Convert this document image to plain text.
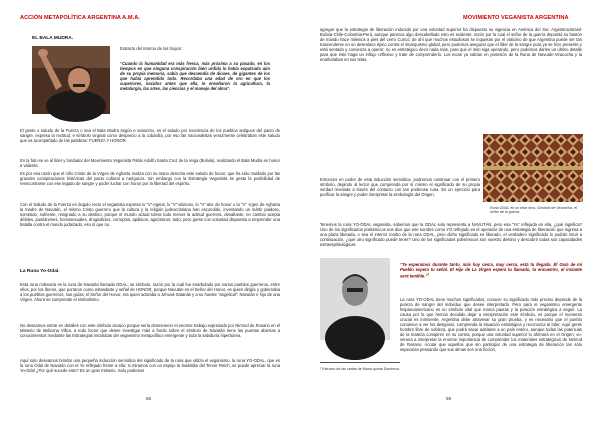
ACCIÓN METAPOLÍTICA ARGENTINA A.M.A.
EL BALA MUDRA.

Extracto del retorno de los brujos:

“Cuando la humanidad era más fresca, más próxima a su pasado, en los tiempos en que ninguna conspiración bien urdida lo había expulsado aún de su propia memoria, sabía que descendía de dioses, de gigantes de los que había aprendido todo. Recordaba una edad de oro en que los superiores, nacidos antes que ella, le enseñaron la agricultura, la metalurgia, las artes, las ciencias y el manejo del alma”.

El gesto o saludo de la Fuerza o sea el Bala Mudra según e sanscrito, es el saludo por excelencia de los pueblos antiguos del pacto de sangre, expresa la rectitud, e símbolo virginal como desprecio a la cobardía, por eso las nacionalistas verazmente celebraban este saludo que va acompañado de las palabras: FUERZA Y HONOR.

En la foto se ve al líder y fundador del Movimiento Veganista Pablo Adolfo Santa Cruz de la Vega (Bolivia), realizando el Bala Mudra en honor a valiente.

Es por esa razón que el niño Cristo de la Virgen de Agharta realiza con su mano derecha este saludo de honor, que ha sido mutilado por las grandes conspiraciones históricas del pacto cultural a narígucos. Sin embargo con la Estrategia Veganista se gesta la posibilidad de reencontrarse con ese legado de sangre y poder luchar con honor por la libertad del espíritu.

Con el Saludo de la Fuerza en ángulo recto el veganista expresa lo “V”-irginal, lo “V”-alorioso, lo “V”-alor de honor o la “V” -irgen de Agharta la madre de Navután, el mismo Cristo guerrero que la cultura y la religión judeocristiana han escondido, inventando un mártir piadoso, sometido, sufriente, resignado a su destino, porque el mundo actual tolera todo menos la actitud guerrera, desafiante, en cambio acepta débiles, pusilánimes, homosexuales, drogadictos, corruptos, apáticos, agnósticos, todo; pero gente con voluntad dispuesta a emprender una batalla contra el mundo judaizado, eso sí que no.

La Runa Yo-Odal.

Esta runa milenaria es la runa de Navután llamada ODAL, su símbolo, razón por la cual fue enarbolado por varios pueblos guerreros, entre ellos, por los íberos, que portaron como estandarte y señal de HONOR, porque Navután es el Señor del Honor, es quien dirigía y gobernaba a los pueblos guerreros, sus guías, el Señor del Honor, era quien adoraba a Jehová-Satanás y a su hueste “angelical”; Navután e hijo de una Virgen. Ahora se comprende el simbolismo.

No deseamos entrar en detalles con este símbolo arcaico porque sería desmerecer el enorme trabajo expresado por Nimrod de Rosario en el Misterio de Belicena Villca, a todo lector que desee investigar más a fondo sobre el símbolo de Navután tiene las puertas abiertas a conocimientos mediante las Estrategias iniciáticas del veganismo metapolítico emergente y toda la sabiduría hiperbórea.

Aquí solo deseamos brindar una pequeña inducción semiótica del significado de la runa que utiliza el veganismo, la runa YO-ODAL, que es la runa Odal de Navután con el Yo reflejado frente a ella; si miramos con un espejo la Swástika del Tercer Reich, se puede apreciar la runa Yo-Odal ¿Por qué sucede esto? Es un gran misterio. Solo podemos

58
MOVIMIENTO VEGANISTA ARGENTINA

agregar que la estrategia de liberación inducida por una voluntad superior ha dispuesto su vigencia en América del Sur, Argentina-Brasil-Bolivia-Chile-Colombia-Perú, aunque parezca algo descabellado esto es evidente, razón por la cual el señor de la guerra depositó su bastón de mando hace milenios a pies del cerro Curicó; de ahí que muchos estudiosos se inquietan por el vaticinio de que Argentina puede ser tan trascendente en un desenlace épico contra el sinarquismo global, pero podemos asegurar que el líder de la sangre pura ya se hizo presente y está sentado y comienza a operar; no es estratégico decir nada más, para que el mito siga operando, pero podemos darles un último detalle para que éste haga un influjo reflexivo y trate de comprenderlo. Los incas ya sabían en posesión de la Runa de Navután-Viracocha y la enarbolaban en sus telas.

Runa ODAL en un telar Inca. Símbolo de Viracocha, el señor de la guerra.

Entonces en poder de esta inducción semiótica, podremos continuar con el primero símbolo, dejando al lector que comprenda por sí mismo el significado de su propia verdad revelada a través del contacto con tan poderosa runa. Es un ejercicio para purificar la sangre y poder interpretar la simbología del Origen.

Tenemos la runa YO-ODAL veganista, sabemos que la ODAL solo representa a NAVUTÁN, pero esa “Yo” reflejada en ella, ¿qué significa? Uno de los significados polisémicos nos dice que ese nombre como YO reflejado es el operador de una estrategia de liberación que ingresa a una plaza liberada, o sea el interior rombo de la runa ODAL, pero dicho significado es liberado, el verdadero significado lo podrán intuir a continuación, ¿qué otro significado puede tener? Uno de los significados polisémicos son vuestro destino y descubrir todas sus capacidades extraespiritológicas.

“Te esperamos durante tanto, más hoy cerca, muy cerca, está tu llegada. El Guía de mi Pueblo espera tu señal. El Hijo de La Virgen espera tu llamado, tu encuentro, el instante será temible.”$^1$

La runa YO-ODAL tiene muchos significados, conocer su significado más preciso depende de la pureza de sangre del individuo que desee interpretarla. Pero para el veganismo emergente hispanoamericano es un símbolo vital que marca pautas y la posición estratégica a seguir. La causa por la que hemos decidido dejar a interpretación este símbolo, es porque el momento crucial es inminente, Argentina debe atravesar su gran prueba, y es necesario que el pueblo comience a ver los designios, comprenda la situación estratégica y reconozca al líder. Aquí gente hombre libre de nobleza, que podrá sacar adelante a un país entero, aunque todas las potencias de la materia conspiren en su contra, porque una voluntad superior lo afirmará en el Origen; vo-veruna a interpretar la enorme importancia de comprender los materiales estratégicos de Nimrod de Rosario. Acotar que aquellos que sin participar de una estrategia de liberación tan sólo especulan pensando que sus almas son una ficción,

¹ Extracto de las cartas de María quinta Dominica.
59
